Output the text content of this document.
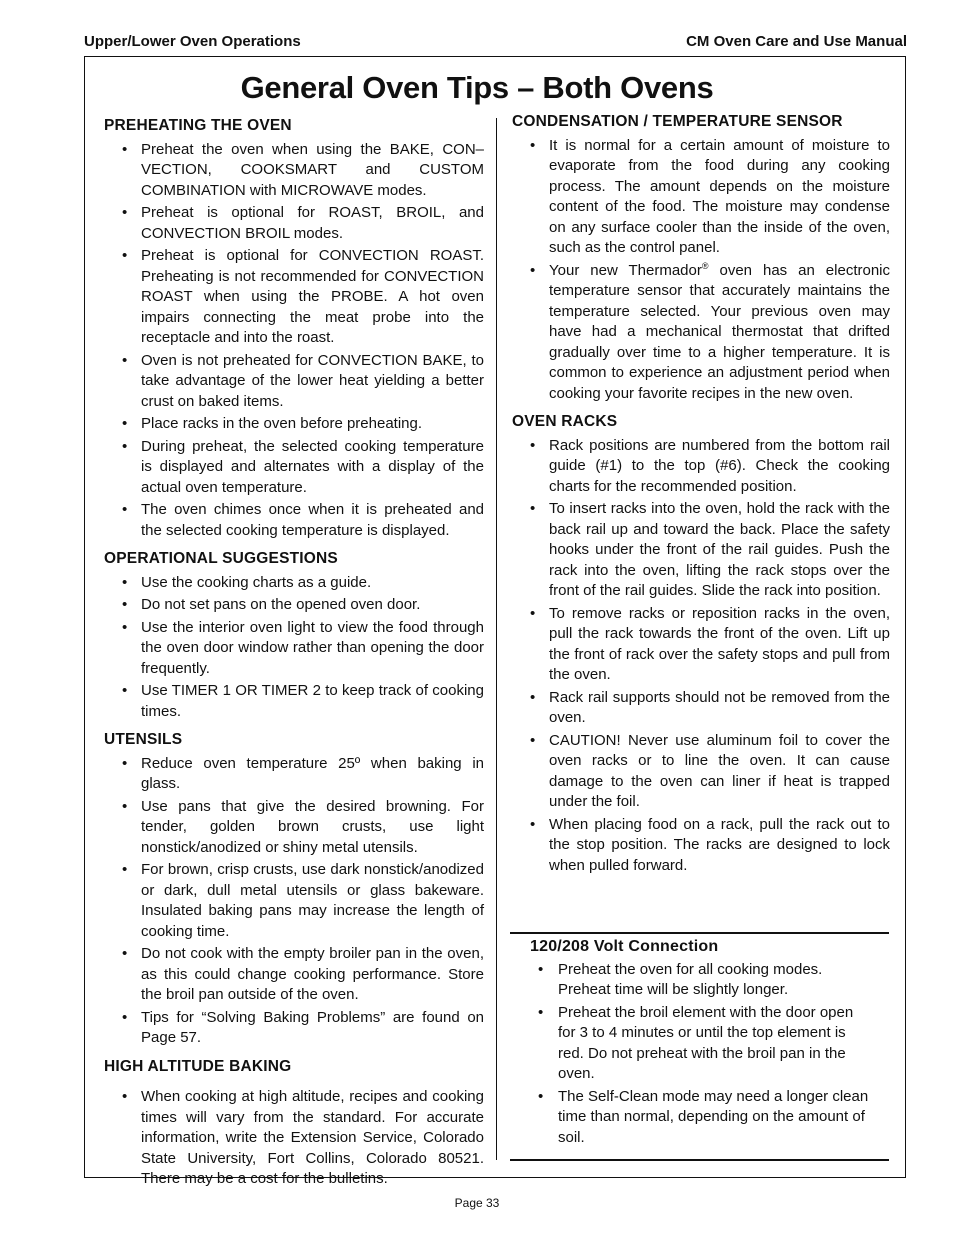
Upper/Lower Oven Operations	CM Oven Care and Use Manual
General Oven Tips – Both Ovens
PREHEATING THE OVEN
• Preheat the oven when using the BAKE, CON–VECTION, COOKSMART and CUSTOM COMBINATION with MICROWAVE modes.
• Preheat is optional for ROAST, BROIL, and CONVECTION BROIL modes.
• Preheat is optional for CONVECTION ROAST. Preheating is not recommended for CONVECTION ROAST when using the PROBE. A hot oven impairs connecting the meat probe into the receptacle and into the roast.
• Oven is not preheated for CONVECTION BAKE, to take advantage of the lower heat yielding a better crust on baked items.
• Place racks in the oven before preheating.
• During preheat, the selected cooking temperature is displayed and alternates with a display of the actual oven temperature.
• The oven chimes once when it is preheated and the selected cooking temperature is displayed.
OPERATIONAL SUGGESTIONS
• Use the cooking charts as a guide.
• Do not set pans on the opened oven door.
• Use the interior oven light to view the food through the oven door window rather than opening the door frequently.
• Use TIMER 1 OR TIMER 2 to keep track of cooking times.
UTENSILS
• Reduce oven temperature 25º when baking in glass.
• Use pans that give the desired browning. For tender, golden brown crusts, use light nonstick/anodized or shiny metal utensils.
• For brown, crisp crusts, use dark nonstick/anodized or dark, dull metal utensils or glass bakeware. Insulated baking pans may increase the length of cooking time.
• Do not cook with the empty broiler pan in the oven, as this could change cooking performance. Store the broil pan outside of the oven.
• Tips for “Solving Baking Problems” are found on Page 57.
HIGH ALTITUDE BAKING
• When cooking at high altitude, recipes and cooking times will vary from the standard. For accurate information, write the Extension Service, Colorado State University, Fort Collins, Colorado 80521. There may be a cost for the bulletins.
CONDENSATION / TEMPERATURE SENSOR
• It is normal for a certain amount of moisture to evaporate from the food during any cooking process. The amount depends on the moisture content of the food. The moisture may condense on any surface cooler than the inside of the oven, such as the control panel.
• Your new Thermador® oven has an electronic temperature sensor that accurately maintains the temperature selected. Your previous oven may have had a mechanical thermostat that drifted gradually over time to a higher temperature. It is common to experience an adjustment period when cooking your favorite recipes in the new oven.
OVEN RACKS
• Rack positions are numbered from the bottom rail guide (#1) to the top (#6). Check the cooking charts for the recommended position.
• To insert racks into the oven, hold the rack with the back rail up and toward the back. Place the safety hooks under the front of the rail guides. Push the rack into the oven, lifting the rack stops over the front of the rail guides. Slide the rack into position.
• To remove racks or reposition racks in the oven, pull the rack towards the front of the oven. Lift up the front of rack over the safety stops and pull from the oven.
• Rack rail supports should not be removed from the oven.
• CAUTION! Never use aluminum foil to cover the oven racks or to line the oven. It can cause damage to the oven can liner if heat is trapped under the foil.
• When placing food on a rack, pull the rack out to the stop position. The racks are designed to lock when pulled forward.
120/208 Volt Connection
• Preheat the oven for all cooking modes. Preheat time will be slightly longer.
• Preheat the broil element with the door open for 3 to 4 minutes or until the top element is red. Do not preheat with the broil pan in the oven.
• The Self-Clean mode may need a longer clean time than normal, depending on the amount of soil.
Page 33
